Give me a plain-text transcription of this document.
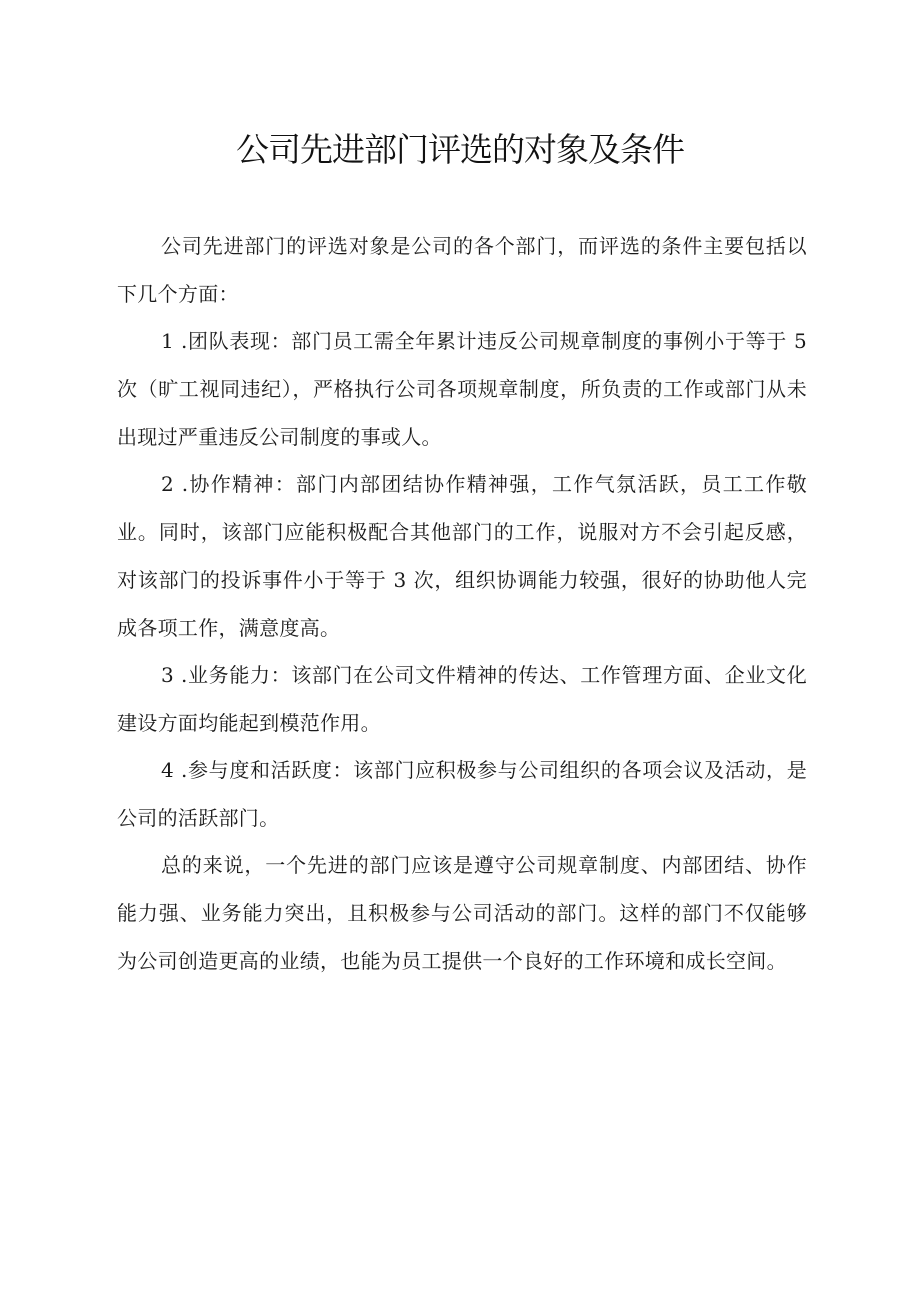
公司先进部门评选的对象及条件

公司先进部门的评选对象是公司的各个部门，而评选的条件主要包括以下几个方面：

1 .团队表现：部门员工需全年累计违反公司规章制度的事例小于等于 5 次（旷工视同违纪），严格执行公司各项规章制度，所负责的工作或部门从未出现过严重违反公司制度的事或人。

2 .协作精神：部门内部团结协作精神强，工作气氛活跃，员工工作敬业。同时，该部门应能积极配合其他部门的工作，说服对方不会引起反感，对该部门的投诉事件小于等于 3 次，组织协调能力较强，很好的协助他人完成各项工作，满意度高。

3 .业务能力：该部门在公司文件精神的传达、工作管理方面、企业文化建设方面均能起到模范作用。

4 .参与度和活跃度：该部门应积极参与公司组织的各项会议及活动，是公司的活跃部门。

总的来说，一个先进的部门应该是遵守公司规章制度、内部团结、协作能力强、业务能力突出，且积极参与公司活动的部门。这样的部门不仅能够为公司创造更高的业绩，也能为员工提供一个良好的工作环境和成长空间。
